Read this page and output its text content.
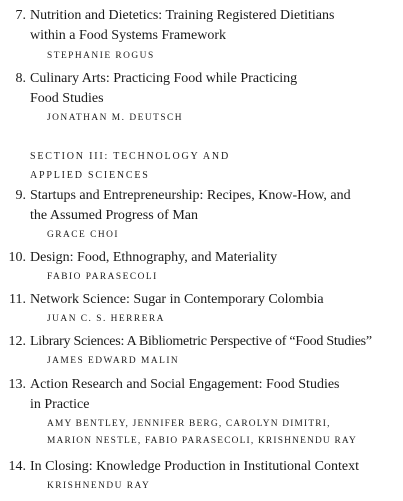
7. Nutrition and Dietetics: Training Registered Dietitians
within a Food Systems Framework
STEPHANIE ROGUS
8. Culinary Arts: Practicing Food while Practicing
Food Studies
JONATHAN M. DEUTSCH
SECTION III: TECHNOLOGY AND
APPLIED SCIENCES
9. Startups and Entrepreneurship: Recipes, Know-How, and
the Assumed Progress of Man
GRACE CHOI
10. Design: Food, Ethnography, and Materiality
FABIO PARASECOLI
11. Network Science: Sugar in Contemporary Colombia
JUAN C. S. HERRERA
12. Library Sciences: A Bibliometric Perspective of “Food Studies”
JAMES EDWARD MALIN
13. Action Research and Social Engagement: Food Studies
in Practice
AMY BENTLEY, JENNIFER BERG, CAROLYN DIMITRI,
MARION NESTLE, FABIO PARASECOLI, KRISHNENDU RAY
14. In Closing: Knowledge Production in Institutional Context
KRISHNENDU RAY
